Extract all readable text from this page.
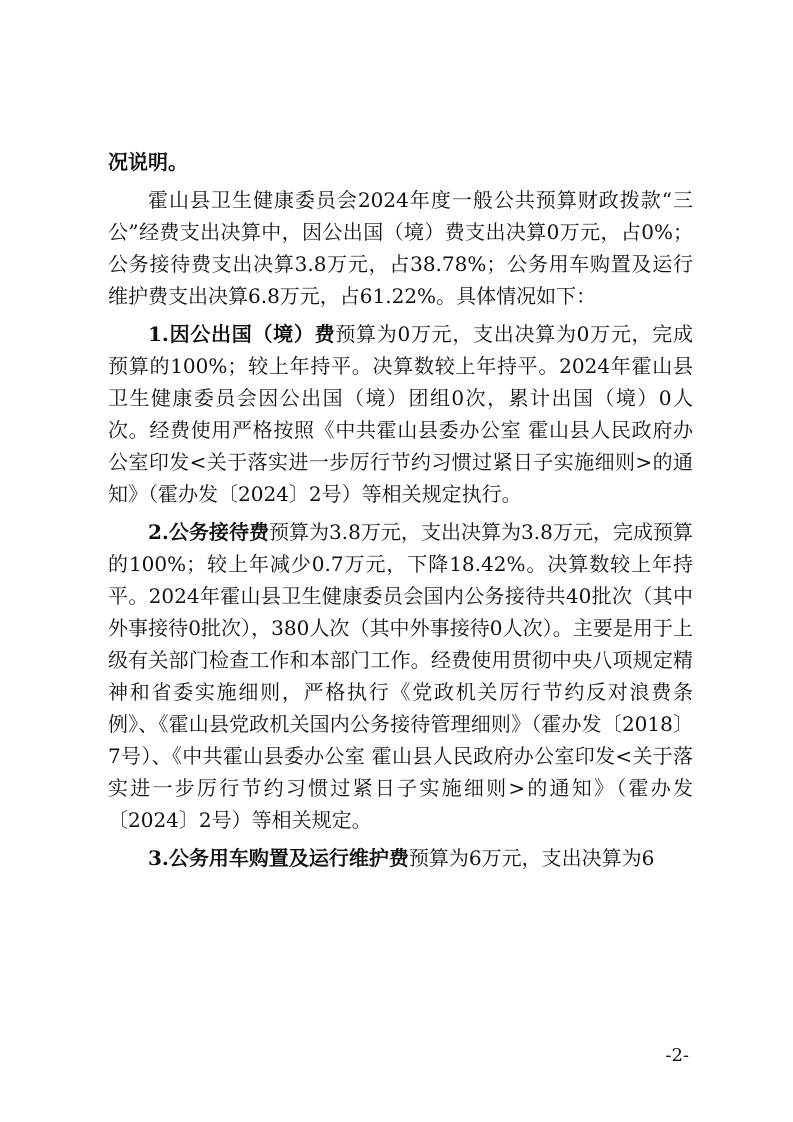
况说明。

霍山县卫生健康委员会2024年度一般公共预算财政拨款“三公”经费支出决算中，因公出国（境）费支出决算0万元，占0%；公务接待费支出决算3.8万元，占38.78%；公务用车购置及运行维护费支出决算6.8万元，占61.22%。具体情况如下：

1.因公出国（境）费预算为0万元，支出决算为0万元，完成预算的100%；较上年持平。决算数较上年持平。2024年霍山县卫生健康委员会因公出国（境）团组0次，累计出国（境）0人次。经费使用严格按照《中共霍山县委办公室 霍山县人民政府办公室印发<关于落实进一步厉行节约习惯过紧日子实施细则>的通知》（霍办发〔2024〕2号）等相关规定执行。

2.公务接待费预算为3.8万元，支出决算为3.8万元，完成预算的100%；较上年减少0.7万元，下降18.42%。决算数较上年持平。2024年霍山县卫生健康委员会国内公务接待共40批次（其中外事接待0批次），380人次（其中外事接待0人次）。主要是用于上级有关部门检查工作和本部门工作。经费使用贯彻中央八项规定精神和省委实施细则，严格执行《党政机关厉行节约反对浪费条例》、《霍山县党政机关国内公务接待管理细则》（霍办发〔2018〕7号）、《中共霍山县委办公室 霍山县人民政府办公室印发<关于落实进一步厉行节约习惯过紧日子实施细则>的通知》（霍办发〔2024〕2号）等相关规定。

3.公务用车购置及运行维护费预算为6万元，支出决算为6

-2-
